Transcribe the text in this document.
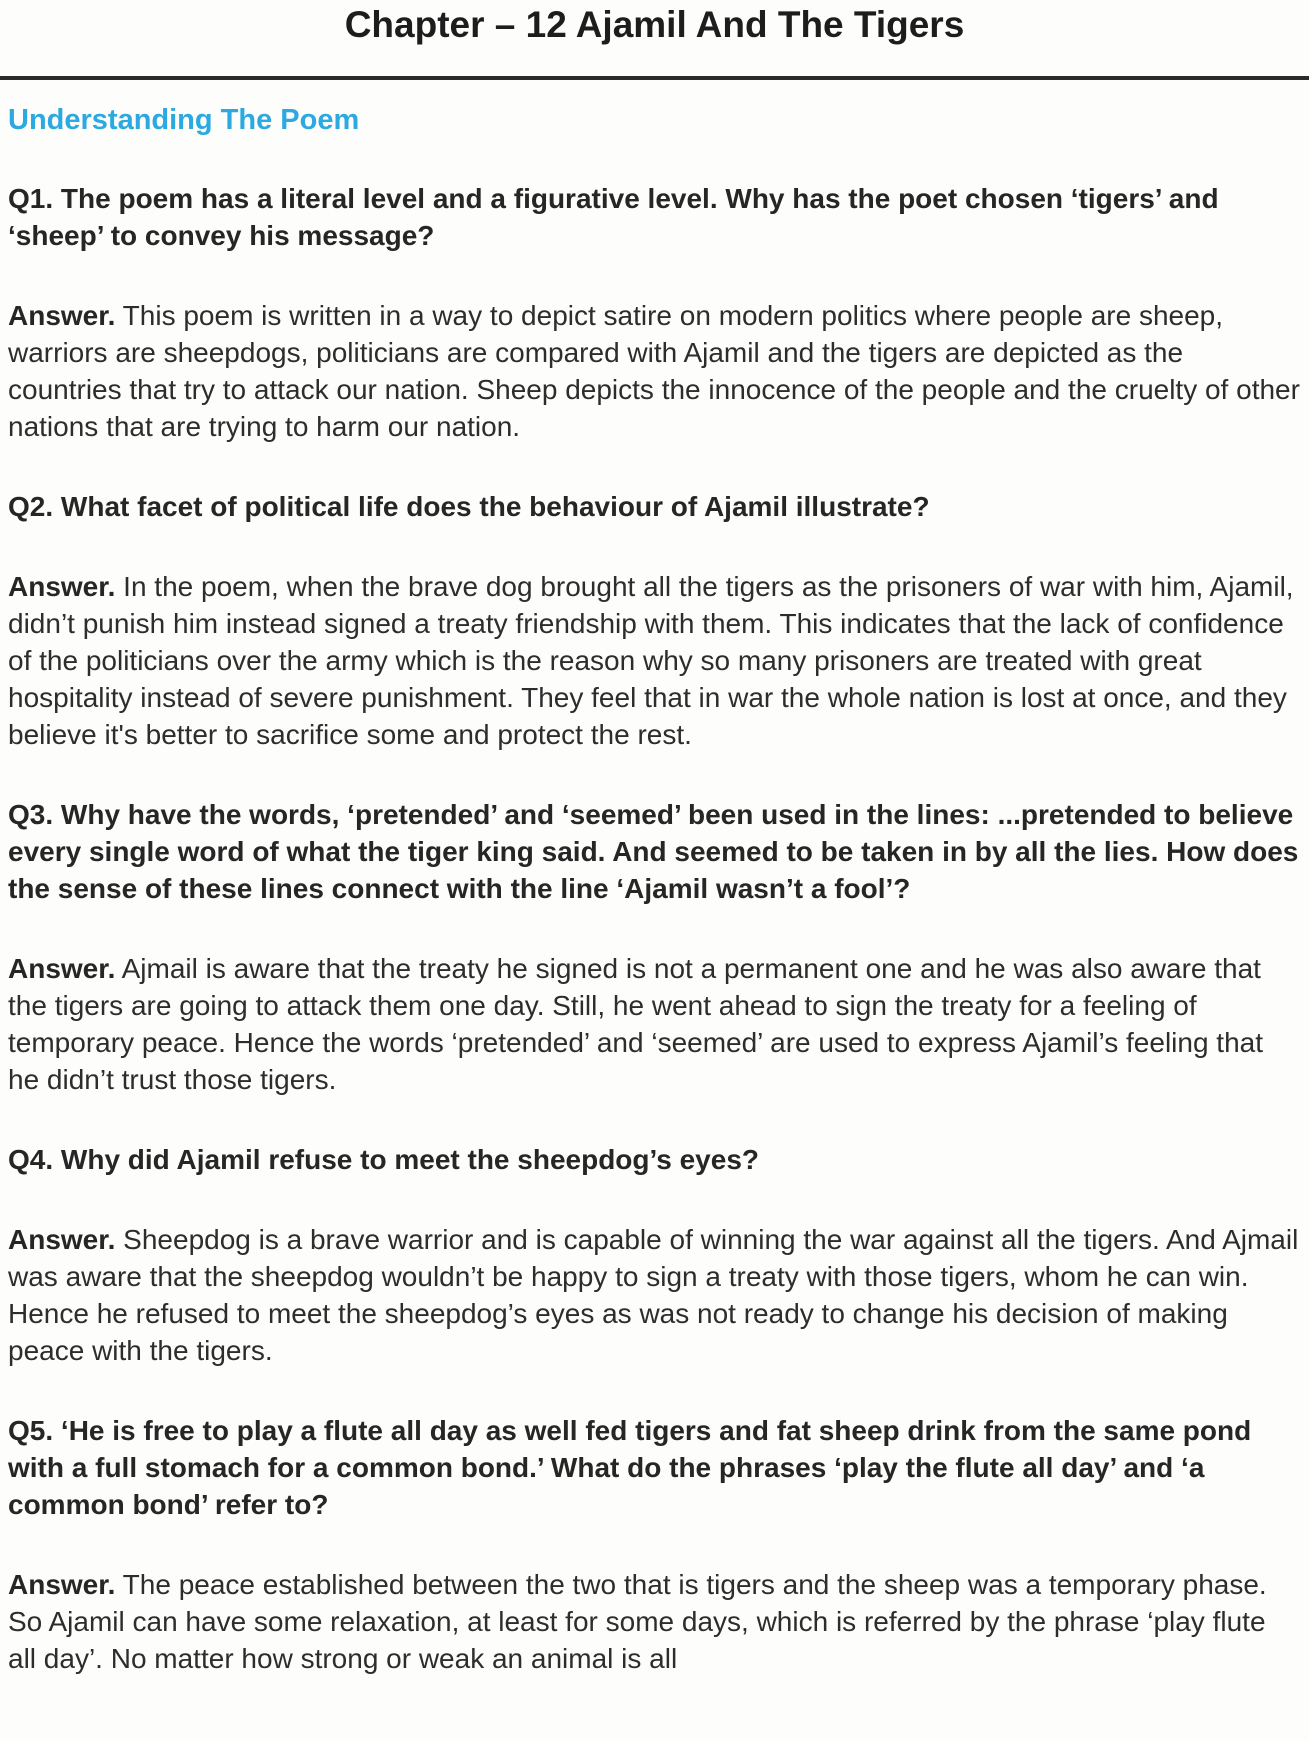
Chapter – 12 Ajamil And The Tigers
Understanding The Poem

Q1. The poem has a literal level and a figurative level. Why has the poet chosen ‘tigers’ and ‘sheep’ to convey his message?

Answer. This poem is written in a way to depict satire on modern politics where people are sheep, warriors are sheepdogs, politicians are compared with Ajamil and the tigers are depicted as the countries that try to attack our nation. Sheep depicts the innocence of the people and the cruelty of other nations that are trying to harm our nation.

Q2. What facet of political life does the behaviour of Ajamil illustrate?

Answer. In the poem, when the brave dog brought all the tigers as the prisoners of war with him, Ajamil, didn’t punish him instead signed a treaty friendship with them. This indicates that the lack of confidence of the politicians over the army which is the reason why so many prisoners are treated with great hospitality instead of severe punishment. They feel that in war the whole nation is lost at once, and they believe it's better to sacrifice some and protect the rest.

Q3. Why have the words, ‘pretended’ and ‘seemed’ been used in the lines: ...pretended to believe every single word of what the tiger king said. And seemed to be taken in by all the lies. How does the sense of these lines connect with the line ‘Ajamil wasn’t a fool’?

Answer. Ajmail is aware that the treaty he signed is not a permanent one and he was also aware that the tigers are going to attack them one day. Still, he went ahead to sign the treaty for a feeling of temporary peace. Hence the words ‘pretended’ and ‘seemed’ are used to express Ajamil’s feeling that he didn’t trust those tigers.

Q4. Why did Ajamil refuse to meet the sheepdog’s eyes?

Answer. Sheepdog is a brave warrior and is capable of winning the war against all the tigers. And Ajmail was aware that the sheepdog wouldn’t be happy to sign a treaty with those tigers, whom he can win. Hence he refused to meet the sheepdog’s eyes as was not ready to change his decision of making peace with the tigers.

Q5. ‘He is free to play a flute all day as well fed tigers and fat sheep drink from the same pond with a full stomach for a common bond.’ What do the phrases ‘play the flute all day’ and ‘a common bond’ refer to?

Answer. The peace established between the two that is tigers and the sheep was a temporary phase. So Ajamil can have some relaxation, at least for some days, which is referred by the phrase ‘play flute all day’. No matter how strong or weak an animal is all
